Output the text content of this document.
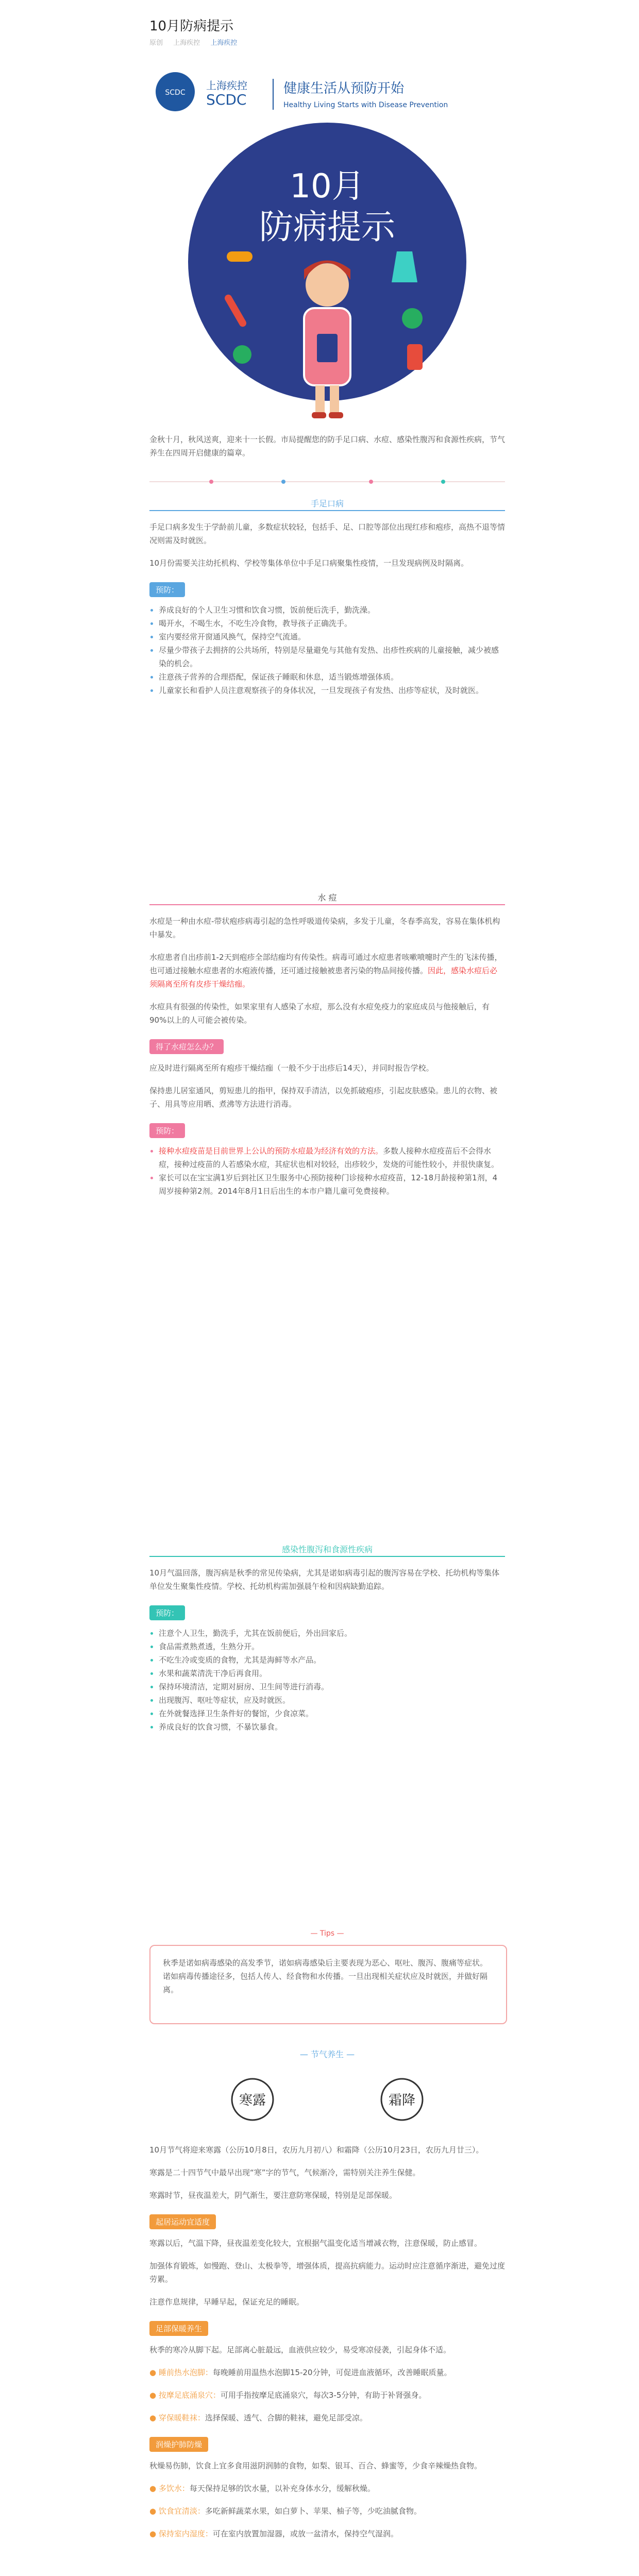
10月防病提示
原创 上海疾控 上海疾控
SCDC
上海疾控
SCDC
健康生活从预防开始
Healthy Living Starts with Disease Prevention
10月
防病提示

金秋十月，秋风送爽，迎来十一长假。市局提醒您的防手足口病、水痘、感染性腹泻和食源性疾病，节气养生在四周开启健康的篇章。

手足口病

手足口病多发生于学龄前儿童，多数症状较轻，包括手、足、口腔等部位出现红疹和疱疹，高热不退等情况则需及时就医。

10月份需要关注幼托机构、学校等集体单位中手足口病聚集性疫情，一旦发现病例及时隔离。

预防：
• 养成良好的个人卫生习惯和饮食习惯，饭前便后洗手，勤洗澡。
• 喝开水，不喝生水，不吃生冷食物，教导孩子正确洗手。
• 室内要经常开窗通风换气，保持空气流通。
• 尽量少带孩子去拥挤的公共场所，特别是尽量避免与其他有发热、出疹性疾病的儿童接触，减少被感染的机会。
• 注意孩子营养的合理搭配，保证孩子睡眠和休息，适当锻炼增强体质。
• 儿童家长和看护人员注意观察孩子的身体状况，一旦发现孩子有发热、出疹等症状，及时就医。
水 痘

水痘是一种由水痘-带状疱疹病毒引起的急性呼吸道传染病，多发于儿童，冬春季高发，容易在集体机构中暴发。

水痘患者自出疹前1-2天到疱疹全部结痂均有传染性。病毒可通过水痘患者咳嗽喷嚏时产生的飞沫传播，也可通过接触水痘患者的水疱液传播，还可通过接触被患者污染的物品间接传播。因此，感染水痘后必须隔离至所有皮疹干燥结痂。

水痘具有很强的传染性，如果家里有人感染了水痘，那么没有水痘免疫力的家庭成员与他接触后，有90%以上的人可能会被传染。

得了水痘怎么办？

应及时进行隔离至所有疱疹干燥结痂（一般不少于出疹后14天），并同时报告学校。

保持患儿居室通风，剪短患儿的指甲，保持双手清洁，以免抓破疱疹，引起皮肤感染。患儿的衣物、被子、用具等应用晒、煮沸等方法进行消毒。

预防：
• 接种水痘疫苗是目前世界上公认的预防水痘最为经济有效的方法。多数人接种水痘疫苗后不会得水痘，接种过疫苗的人若感染水痘，其症状也相对较轻，出疹较少，发烧的可能性较小，并很快康复。
• 家长可以在宝宝满1岁后到社区卫生服务中心预防接种门诊接种水痘疫苗，12-18月龄接种第1剂，4周岁接种第2剂。2014年8月1日后出生的本市户籍儿童可免费接种。
感染性腹泻和食源性疾病

10月气温回落，腹泻病是秋季的常见传染病，尤其是诺如病毒引起的腹泻容易在学校、托幼机构等集体单位发生聚集性疫情。学校、托幼机构需加强晨午检和因病缺勤追踪。

预防：
• 注意个人卫生，勤洗手，尤其在饭前便后，外出回家后。
• 食品需煮熟煮透，生熟分开。
• 不吃生冷或变质的食物，尤其是海鲜等水产品。
• 水果和蔬菜清洗干净后再食用。
• 保持环境清洁，定期对厨房、卫生间等进行消毒。
• 出现腹泻、呕吐等症状，应及时就医。
• 在外就餐选择卫生条件好的餐馆，少食凉菜。
• 养成良好的饮食习惯，不暴饮暴食。
— Tips —

秋季是诺如病毒感染的高发季节，诺如病毒感染后主要表现为恶心、呕吐、腹泻、腹痛等症状。诺如病毒传播途径多，包括人传人、经食物和水传播。一旦出现相关症状应及时就医，并做好隔离。

— 节气养生 —
寒露	霜降

10月节气将迎来寒露（公历10月8日，农历九月初八）和霜降（公历10月23日，农历九月廿三）。

寒露是二十四节气中最早出现“寒”字的节气，气候渐冷，需特别关注养生保健。

寒露时节，昼夜温差大，阴气渐生，要注意防寒保暖，特别是足部保暖。

起居运动宜适度

寒露以后，气温下降，昼夜温差变化较大，宜根据气温变化适当增减衣物，注意保暖，防止感冒。

加强体育锻炼，如慢跑、登山、太极拳等，增强体质，提高抗病能力。运动时应注意循序渐进，避免过度劳累。

注意作息规律，早睡早起，保证充足的睡眠。

足部保暖养生

秋季的寒冷从脚下起。足部离心脏最远，血液供应较少，易受寒凉侵袭，引起身体不适。

● 睡前热水泡脚：每晚睡前用温热水泡脚15-20分钟，可促进血液循环，改善睡眠质量。

● 按摩足底涌泉穴：可用手指按摩足底涌泉穴，每次3-5分钟，有助于补肾强身。

● 穿保暖鞋袜：选择保暖、透气、合脚的鞋袜，避免足部受凉。

润燥护肺防燥

秋燥易伤肺，饮食上宜多食用滋阴润肺的食物，如梨、银耳、百合、蜂蜜等，少食辛辣燥热食物。

● 多饮水：每天保持足够的饮水量，以补充身体水分，缓解秋燥。

● 饮食宜清淡：多吃新鲜蔬菜水果，如白萝卜、苹果、柚子等，少吃油腻食物。

● 保持室内湿度：可在室内放置加湿器，或放一盆清水，保持空气湿润。
